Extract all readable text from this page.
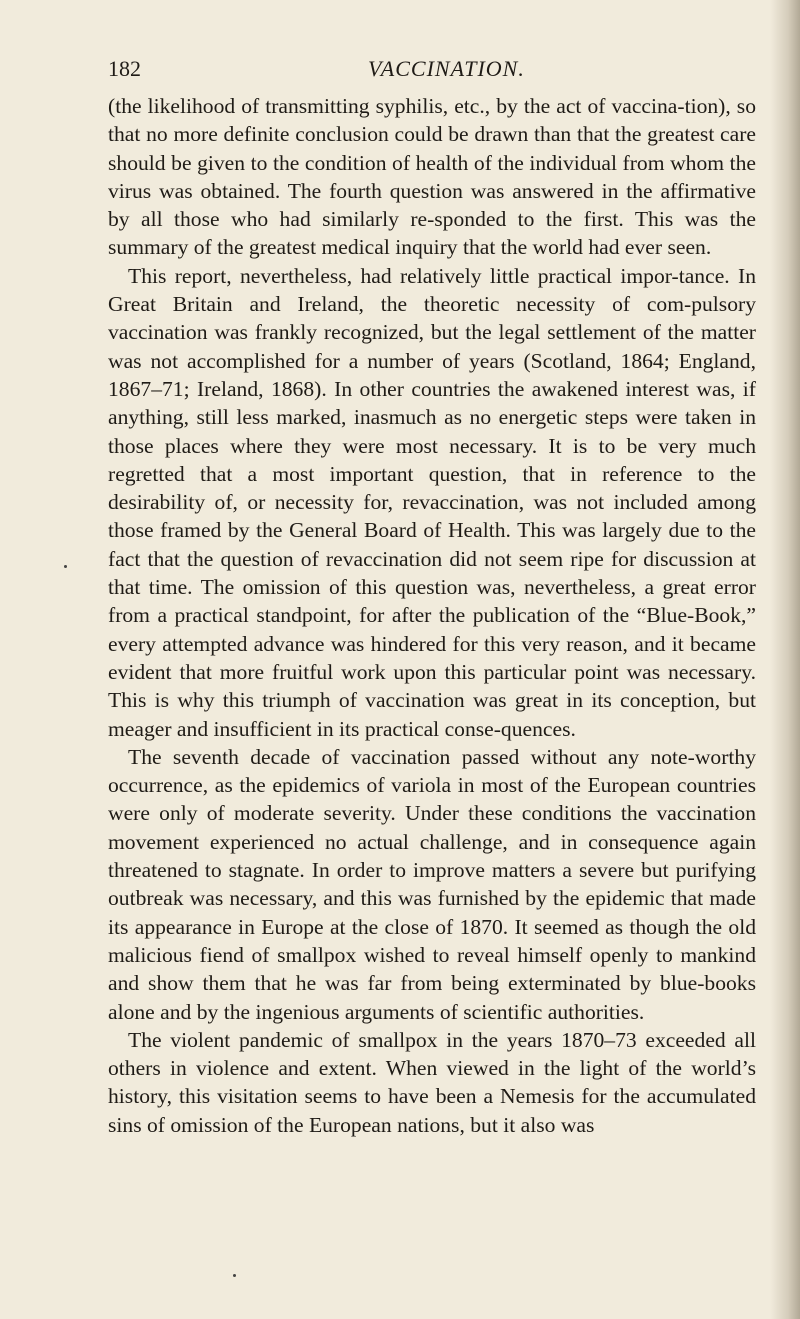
182	VACCINATION.

(the likelihood of transmitting syphilis, etc., by the act of vaccina-tion), so that no more definite conclusion could be drawn than that the greatest care should be given to the condition of health of the individual from whom the virus was obtained. The fourth question was answered in the affirmative by all those who had similarly re-sponded to the first. This was the summary of the greatest medical inquiry that the world had ever seen.

This report, nevertheless, had relatively little practical impor-tance. In Great Britain and Ireland, the theoretic necessity of com-pulsory vaccination was frankly recognized, but the legal settlement of the matter was not accomplished for a number of years (Scotland, 1864; England, 1867–71; Ireland, 1868). In other countries the awakened interest was, if anything, still less marked, inasmuch as no energetic steps were taken in those places where they were most necessary. It is to be very much regretted that a most important question, that in reference to the desirability of, or necessity for, revaccination, was not included among those framed by the General Board of Health. This was largely due to the fact that the question of revaccination did not seem ripe for discussion at that time. The omission of this question was, nevertheless, a great error from a practical standpoint, for after the publication of the “Blue-Book,” every attempted advance was hindered for this very reason, and it became evident that more fruitful work upon this particular point was necessary. This is why this triumph of vaccination was great in its conception, but meager and insufficient in its practical conse-quences.

The seventh decade of vaccination passed without any note-worthy occurrence, as the epidemics of variola in most of the European countries were only of moderate severity. Under these conditions the vaccination movement experienced no actual challenge, and in consequence again threatened to stagnate. In order to improve matters a severe but purifying outbreak was necessary, and this was furnished by the epidemic that made its appearance in Europe at the close of 1870. It seemed as though the old malicious fiend of smallpox wished to reveal himself openly to mankind and show them that he was far from being exterminated by blue-books alone and by the ingenious arguments of scientific authorities.

The violent pandemic of smallpox in the years 1870–73 exceeded all others in violence and extent. When viewed in the light of the world’s history, this visitation seems to have been a Nemesis for the accumulated sins of omission of the European nations, but it also was
